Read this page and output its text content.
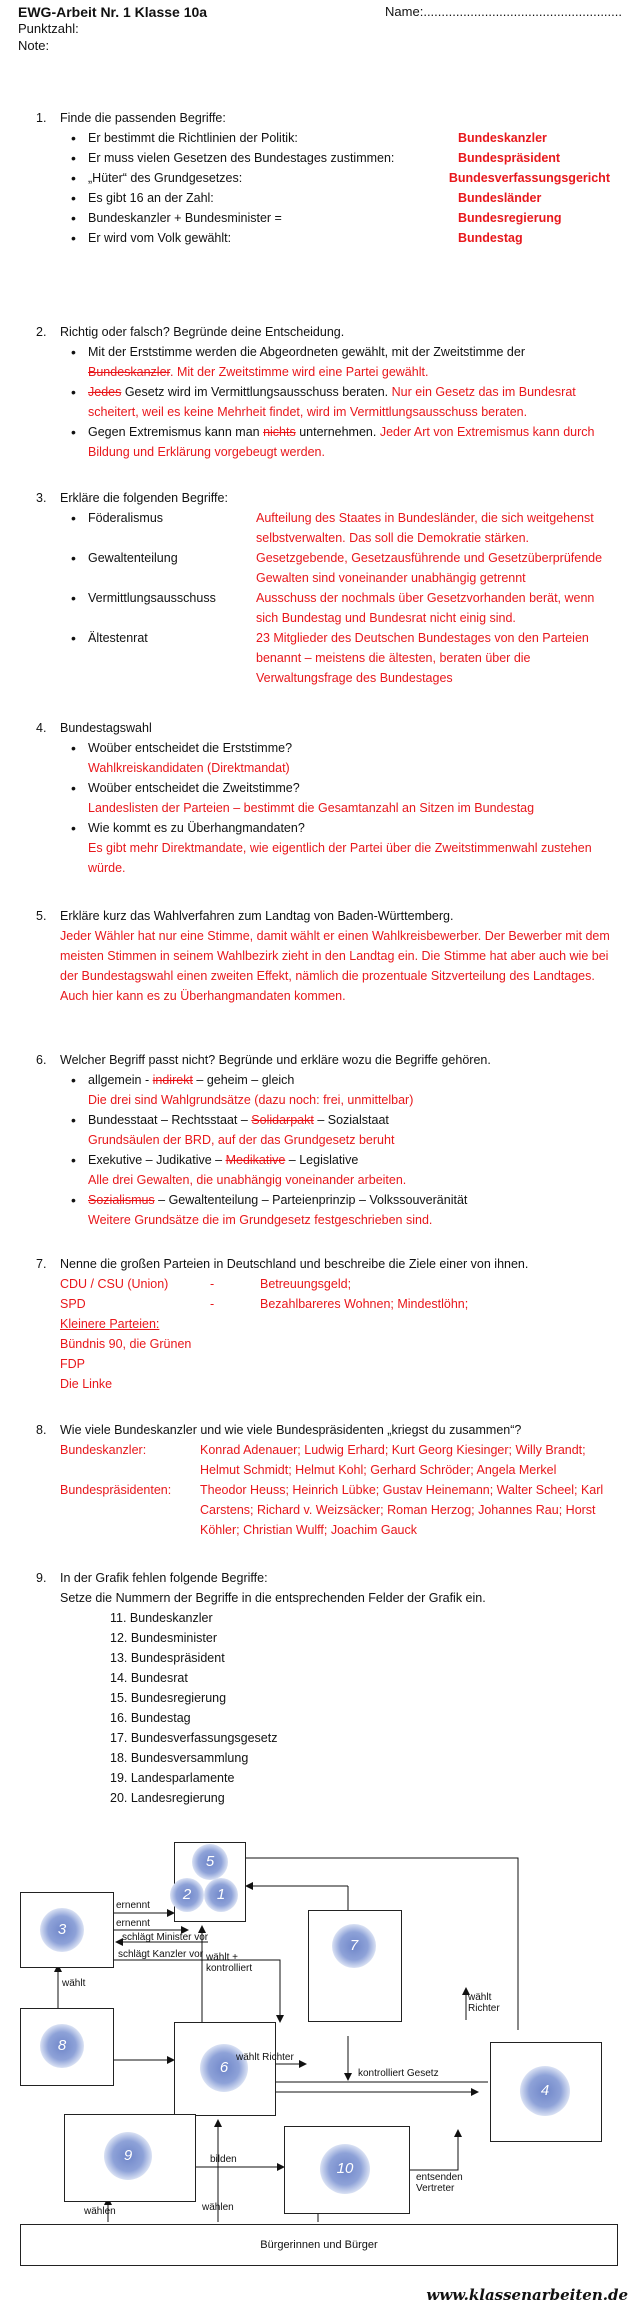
EWG-Arbeit Nr. 1 Klasse 10a	Name:.......................................................
Punktzahl:
Note:
1. Finde die passenden Begriffe:
• Er bestimmt die Richtlinien der Politik:	Bundeskanzler
• Er muss vielen Gesetzen des Bundestages zustimmen:	Bundespräsident
• „Hüter“ des Grundgesetzes:	Bundesverfassungsgericht
• Es gibt 16 an der Zahl:	Bundesländer
• Bundeskanzler + Bundesminister =	Bundesregierung
• Er wird vom Volk gewählt:	Bundestag
2. Richtig oder falsch? Begründe deine Entscheidung.
• Mit der Erststimme werden die Abgeordneten gewählt, mit der Zweitstimme der Bundeskanzler. Mit der Zweitstimme wird eine Partei gewählt.
• Jedes Gesetz wird im Vermittlungsausschuss beraten. Nur ein Gesetz das im Bundesrat scheitert, weil es keine Mehrheit findet, wird im Vermittlungsausschuss beraten.
• Gegen Extremismus kann man nichts unternehmen. Jeder Art von Extremismus kann durch Bildung und Erklärung vorgebeugt werden.
3. Erkläre die folgenden Begriffe:
• Föderalismus	Aufteilung des Staates in Bundesländer, die sich weitgehenst selbstverwalten. Das soll die Demokratie stärken.
• Gewaltenteilung	Gesetzgebende, Gesetzausführende und Gesetzüberprüfende Gewalten sind voneinander unabhängig getrennt
• Vermittlungsausschuss	Ausschuss der nochmals über Gesetzvorhanden berät, wenn sich Bundestag und Bundesrat nicht einig sind.
• Ältestenrat	23 Mitglieder des Deutschen Bundestages von den Parteien benannt – meistens die ältesten, beraten über die Verwaltungsfrage des Bundestages
4. Bundestagswahl
• Woüber entscheidet die Erststimme?
Wahlkreiskandidaten (Direktmandat)
• Woüber entscheidet die Zweitstimme?
Landeslisten der Parteien – bestimmt die Gesamtanzahl an Sitzen im Bundestag
• Wie kommt es zu Überhangmandaten?
Es gibt mehr Direktmandate, wie eigentlich der Partei über die Zweitstimmenwahl zustehen würde.
5. Erkläre kurz das Wahlverfahren zum Landtag von Baden-Württemberg.
Jeder Wähler hat nur eine Stimme, damit wählt er einen Wahlkreisbewerber. Der Bewerber mit dem meisten Stimmen in seinem Wahlbezirk zieht in den Landtag ein. Die Stimme hat aber auch wie bei der Bundestagswahl einen zweiten Effekt, nämlich die prozentuale Sitzverteilung des Landtages. Auch hier kann es zu Überhangmandaten kommen.
6. Welcher Begriff passt nicht? Begründe und erkläre wozu die Begriffe gehören.
• allgemein - indirekt – geheim – gleich
Die drei sind Wahlgrundsätze (dazu noch: frei, unmittelbar)
• Bundesstaat – Rechtsstaat – Solidarpakt – Sozialstaat
Grundsäulen der BRD, auf der das Grundgesetz beruht
• Exekutive – Judikative – Medikative – Legislative
Alle drei Gewalten, die unabhängig voneinander arbeiten.
• Sozialismus – Gewaltenteilung – Parteienprinzip – Volkssouveränität
Weitere Grundsätze die im Grundgesetz festgeschrieben sind.
7. Nenne die großen Parteien in Deutschland und beschreibe die Ziele einer von ihnen.
CDU / CSU (Union)	-	Betreuungsgeld;
SPD	-	Bezahlbareres Wohnen; Mindestlöhn;
Kleinere Parteien:
Bündnis 90, die Grünen
FDP
Die Linke
8. Wie viele Bundeskanzler und wie viele Bundespräsidenten „kriegst du zusammen“?
Bundeskanzler:	Konrad Adenauer; Ludwig Erhard; Kurt Georg Kiesinger; Willy Brandt; Helmut Schmidt; Helmut Kohl; Gerhard Schröder; Angela Merkel
Bundespräsidenten:	Theodor Heuss; Heinrich Lübke; Gustav Heinemann; Walter Scheel; Karl Carstens; Richard v. Weizsäcker; Roman Herzog; Johannes Rau; Horst Köhler; Christian Wulff; Joachim Gauck
9. In der Grafik fehlen folgende Begriffe:
Setze die Nummern der Begriffe in die entsprechenden Felder der Grafik ein.
11. Bundeskanzler
12. Bundesminister
13. Bundespräsident
14. Bundesrat
15. Bundesregierung
16. Bundestag
17. Bundesverfassungsgesetz
18. Bundesversammlung
19. Landesparlamente
20. Landesregierung
Bürgerinnen und Bürger
5
2	1
3
7
8
6
4
9
10
ernennt
ernennt
schlägt Minister vor
schlägt Kanzler vor
wählt
wählt +
kontrolliert
wählt Richter
wählt
Richter
kontrolliert Gesetz
bilden
entsenden
Vertreter
wählen	wählen
www.klassenarbeiten.de
